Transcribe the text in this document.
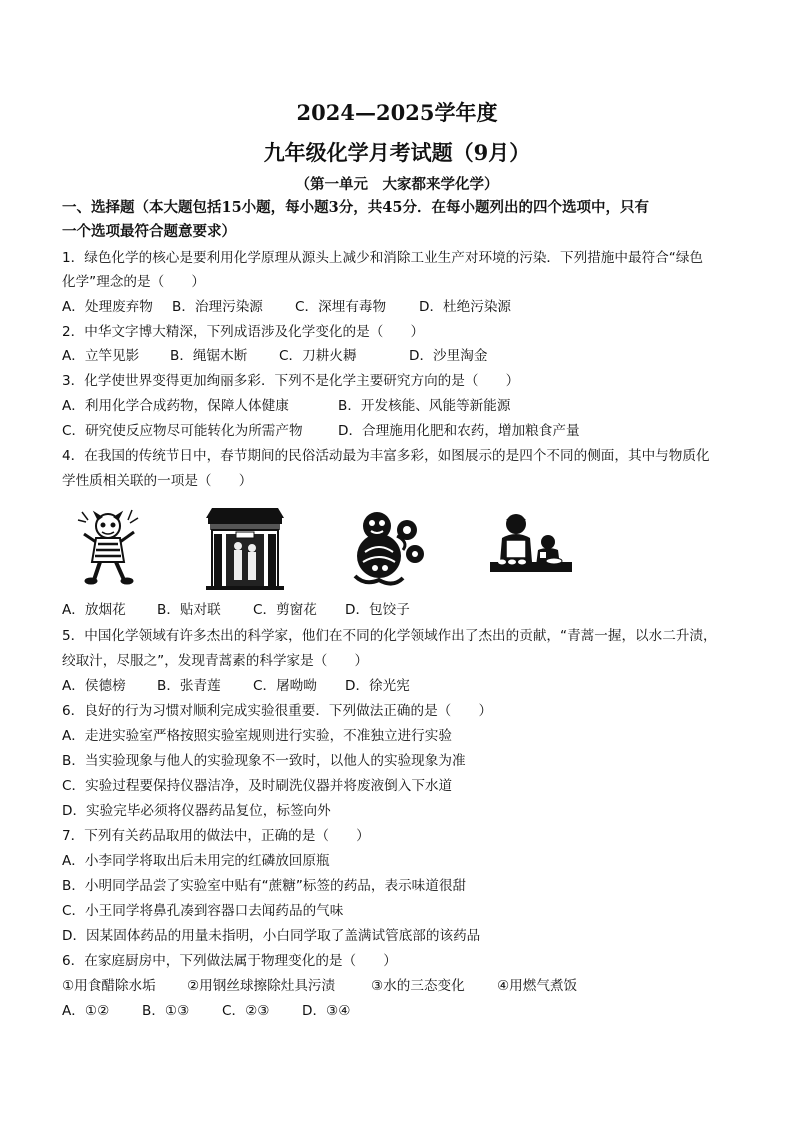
2024—2025学年度
九年级化学月考试题（9月）
（第一单元　大家都来学化学）
一、选择题（本大题包括15小题，每小题3分，共45分．在每小题列出的四个选项中，只有
一个选项最符合题意要求）
1．绿色化学的核心是要利用化学原理从源头上减少和消除工业生产对环境的污染．下列措施中最符合“绿色
化学”理念的是（　　）
A．处理废弃物 B．治理污染源 C．深埋有毒物 D．杜绝污染源
2．中华文字博大精深，下列成语涉及化学变化的是（　　）
A．立竿见影 B．绳锯木断 C．刀耕火耨	D．沙里淘金
3．化学使世界变得更加绚丽多彩．下列不是化学主要研究方向的是（　　）
A．利用化学合成药物，保障人体健康	B．开发核能、风能等新能源
C．研究使反应物尽可能转化为所需产物	D．合理施用化肥和农药，增加粮食产量
4．在我国的传统节日中，春节期间的民俗活动最为丰富多彩，如图展示的是四个不同的侧面，其中与物质化
学性质相关联的一项是（　　）
A．放烟花 B．贴对联 C．剪窗花 D．包饺子
5．中国化学领域有许多杰出的科学家，他们在不同的化学领域作出了杰出的贡献，“青蒿一握，以水二升渍，
绞取汁，尽服之”，发现青蒿素的科学家是（　　）
A．侯德榜 B．张青莲 C．屠呦呦 D．徐光宪
6．良好的行为习惯对顺利完成实验很重要．下列做法正确的是（　　）
A．走进实验室严格按照实验室规则进行实验，不准独立进行实验
B．当实验现象与他人的实验现象不一致时，以他人的实验现象为准
C．实验过程要保持仪器洁净，及时刷洗仪器并将废液倒入下水道
D．实验完毕必须将仪器药品复位，标签向外
7．下列有关药品取用的做法中，正确的是（　　）
A．小李同学将取出后未用完的红磷放回原瓶
B．小明同学品尝了实验室中贴有“蔗糖”标签的药品，表示味道很甜
C．小王同学将鼻孔凑到容器口去闻药品的气味
D．因某固体药品的用量未指明，小白同学取了盖满试管底部的该药品
6．在家庭厨房中，下列做法属于物理变化的是（　　）
①用食醋除水垢 ②用钢丝球擦除灶具污渍	③水的三态变化 ④用燃气煮饭
A．①② B．①③ C．②③ D．③④
